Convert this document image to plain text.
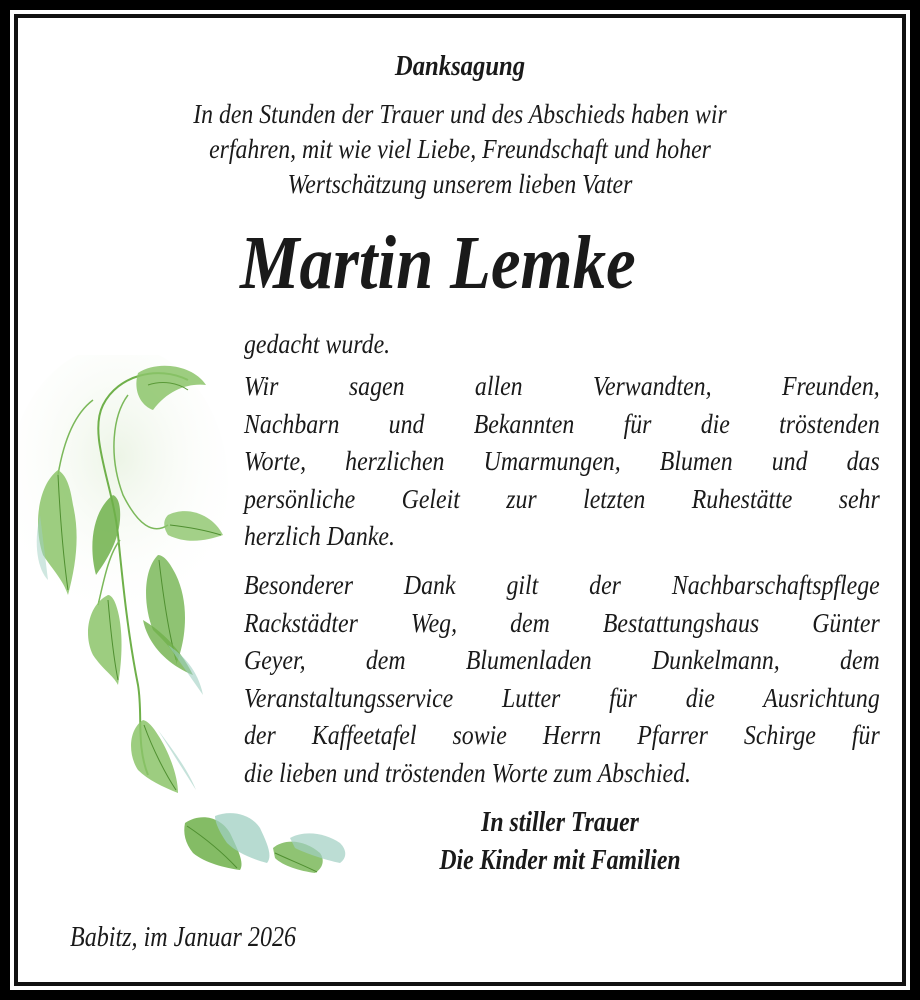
Danksagung
In den Stunden der Trauer und des Abschieds haben wir
erfahren, mit wie viel Liebe, Freundschaft und hoher
Wertschätzung unserem lieben Vater
Martin Lemke
gedacht wurde.
Wir sagen allen Verwandten, Freunden,
Nachbarn und Bekannten für die tröstenden
Worte, herzlichen Umarmungen, Blumen und das
persönliche Geleit zur letzten Ruhestätte sehr
herzlich Danke.
Besonderer Dank gilt der Nachbarschaftspflege
Rackstädter Weg, dem Bestattungshaus Günter
Geyer, dem Blumenladen Dunkelmann, dem
Veranstaltungsservice Lutter für die Ausrichtung
der Kaffeetafel sowie Herrn Pfarrer Schirge für
die lieben und tröstenden Worte zum Abschied.
In stiller Trauer
Die Kinder mit Familien
Babitz, im Januar 2026
